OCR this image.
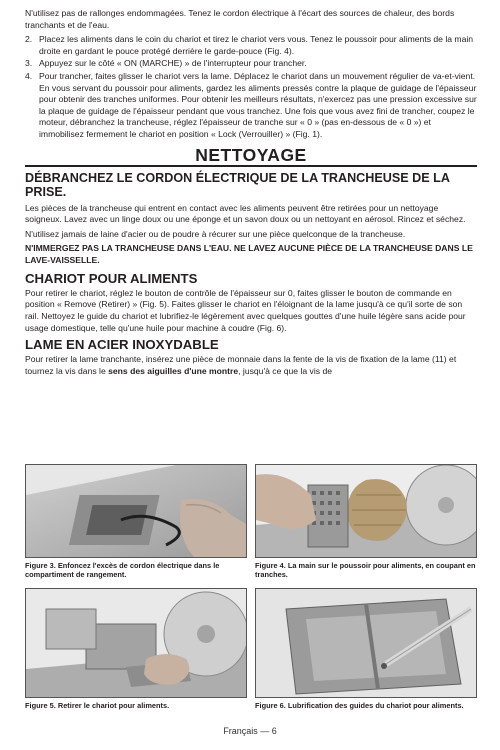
N'utilisez pas de rallonges endommagées. Tenez le cordon électrique à l'écart des sources de chaleur, des bords tranchants et de l'eau.

2. Placez les aliments dans le coin du chariot et tirez le chariot vers vous. Tenez le poussoir pour aliments de la main droite en gardant le pouce protégé derrière le garde-pouce (Fig. 4).
3. Appuyez sur le côté « ON (MARCHE) » de l'interrupteur pour trancher.
4. Pour trancher, faites glisser le chariot vers la lame. Déplacez le chariot dans un mouvement régulier de va-et-vient. En vous servant du poussoir pour aliments, gardez les aliments pressés contre la plaque de guidage de l'épaisseur pour obtenir des tranches uniformes. Pour obtenir les meilleurs résultats, n'exercez pas une pression excessive sur la plaque de guidage de l'épaisseur pendant que vous tranchez. Une fois que vous avez fini de trancher, coupez le moteur, débranchez la trancheuse, réglez l'épaisseur de tranche sur « 0 » (pas en-dessous de « 0 ») et immobilisez fermement le chariot en position « Lock (Verrouiller) » (Fig. 1).
NETTOYAGE
DÉBRANCHEZ LE CORDON ÉLECTRIQUE DE LA TRANCHEUSE DE LA PRISE.

Les pièces de la trancheuse qui entrent en contact avec les aliments peuvent être retirées pour un nettoyage soigneux. Lavez avec un linge doux ou une éponge et un savon doux ou un nettoyant en aérosol. Rincez et séchez.

N'utilisez jamais de laine d'acier ou de poudre à récurer sur une pièce quelconque de la trancheuse.

N'IMMERGEZ PAS LA TRANCHEUSE DANS L'EAU. NE LAVEZ AUCUNE PIÈCE DE LA TRANCHEUSE DANS LE LAVE-VAISSELLE.

CHARIOT POUR ALIMENTS

Pour retirer le chariot, réglez le bouton de contrôle de l'épaisseur sur 0, faites glisser le bouton de commande en position « Remove (Retirer) » (Fig. 5). Faites glisser le chariot en l'éloignant de la lame jusqu'à ce qu'il sorte de son rail. Nettoyez le guide du chariot et lubrifiez-le légèrement avec quelques gouttes d'une huile légère sans acide pour usage domestique, telle qu'une huile pour machine à coudre (Fig. 6).

LAME EN ACIER INOXYDABLE

Pour retirer la lame tranchante, insérez une pièce de monnaie dans la fente de la vis de fixation de la lame (11) et tournez la vis dans le sens des aiguilles d'une montre, jusqu'à ce que la vis de

Figure 3. Enfoncez l'excès de cordon électrique dans le compartiment de rangement.
Figure 4. La main sur le poussoir pour aliments, en coupant en tranches.
Figure 5. Retirer le chariot pour aliments.	Figure 6. Lubrification des guides du chariot pour aliments.
Français — 6
